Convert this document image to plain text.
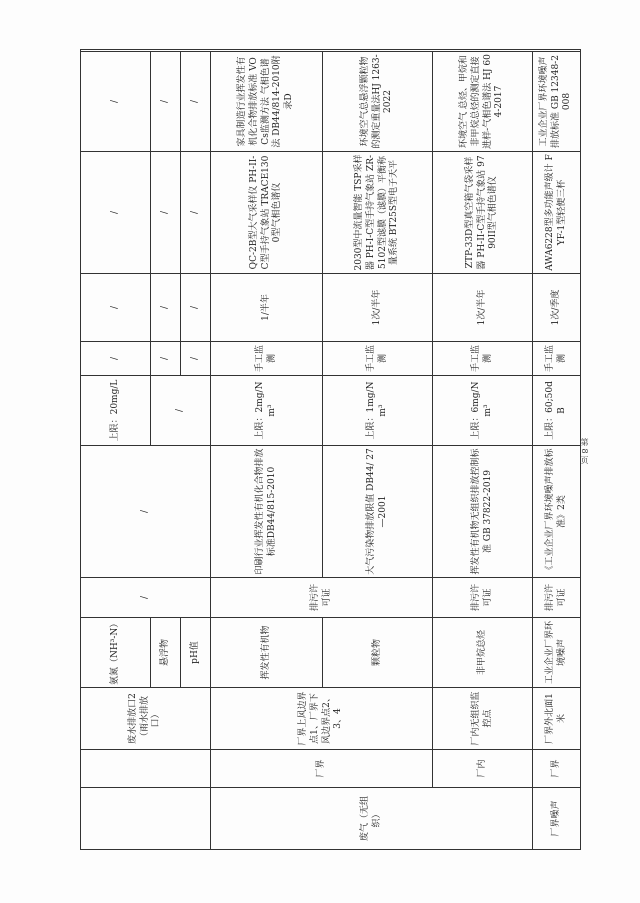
		废水排放口2（雨水排放口）	氨氮（NH³-N）	/	/	上限：20mg/L	/	/	/	/	
			悬浮物			/	/	/	/	/	
			pH值				/	/	/	/	
废气（无组织）	厂界	厂界上风边界点1、厂界下风边界点2、3、4	挥发性有机物	排污许可证	印刷行业挥发性有机化合物排放标准DB44/815-2010	上限：2mg/Nm³	手工监测	1/半年	QC-2B型大气采样仪 PH-II-C型手持气象站 TRACE1300型气相色谱仪	家具制造行业挥发性有机化合物排放标准 VOCs监测方法 气相色谱法 DB44/814-2010附录D	
			颗粒物		大气污染物排放限值 DB44/ 27—2001	上限：1mg/Nm³	手工监测	1次/半年	2030型中流量智能 TSP采样器 PH-I-C型手持气象站 ZR-5102型滤膜（滤膜）平衡称量系统 BT25S型电子天平	环境空气总悬浮颗粒物的测定重量法HJ 1263-2022	
	厂内	厂内无组织监控点	非甲烷总烃	排污许可证	挥发性有机物无组织排放控制标准 GB 37822-2019	上限：6mg/Nm³	手工监测	1次/半年	ZTP-33D型真空箱气袋采样器 PH-II-C型手持气象站 9790II型气相色谱仪	环境空气 总烃、甲烷和非甲烷总烃的测定直接进样-气相色谱法 HJ 604-2017	
厂界噪声	厂界	厂界外北面1米	工业企业厂界环境噪声	排污许可证	《工业企业厂界环境噪声排放标准》2类	上限：60;50dB	手工监测	1次/季度	AWA6228型多功能声级计 FYF-1型轻便三杯	工业企业厂界环境噪声排放标准 GB 12348-2008	
第 8 页
